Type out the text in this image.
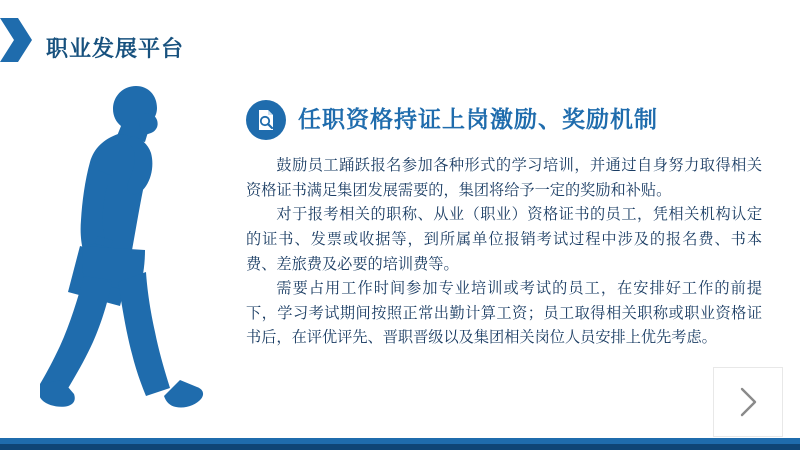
职业发展平台
任职资格持证上岗激励、奖励机制

鼓励员工踊跃报名参加各种形式的学习培训，并通过自身努力取得相关资格证书满足集团发展需要的，集团将给予一定的奖励和补贴。

对于报考相关的职称、从业（职业）资格证书的员工，凭相关机构认定的证书、发票或收据等，到所属单位报销考试过程中涉及的报名费、书本费、差旅费及必要的培训费等。

需要占用工作时间参加专业培训或考试的员工，在安排好工作的前提下，学习考试期间按照正常出勤计算工资；员工取得相关职称或职业资格证书后，在评优评先、晋职晋级以及集团相关岗位人员安排上优先考虑。
